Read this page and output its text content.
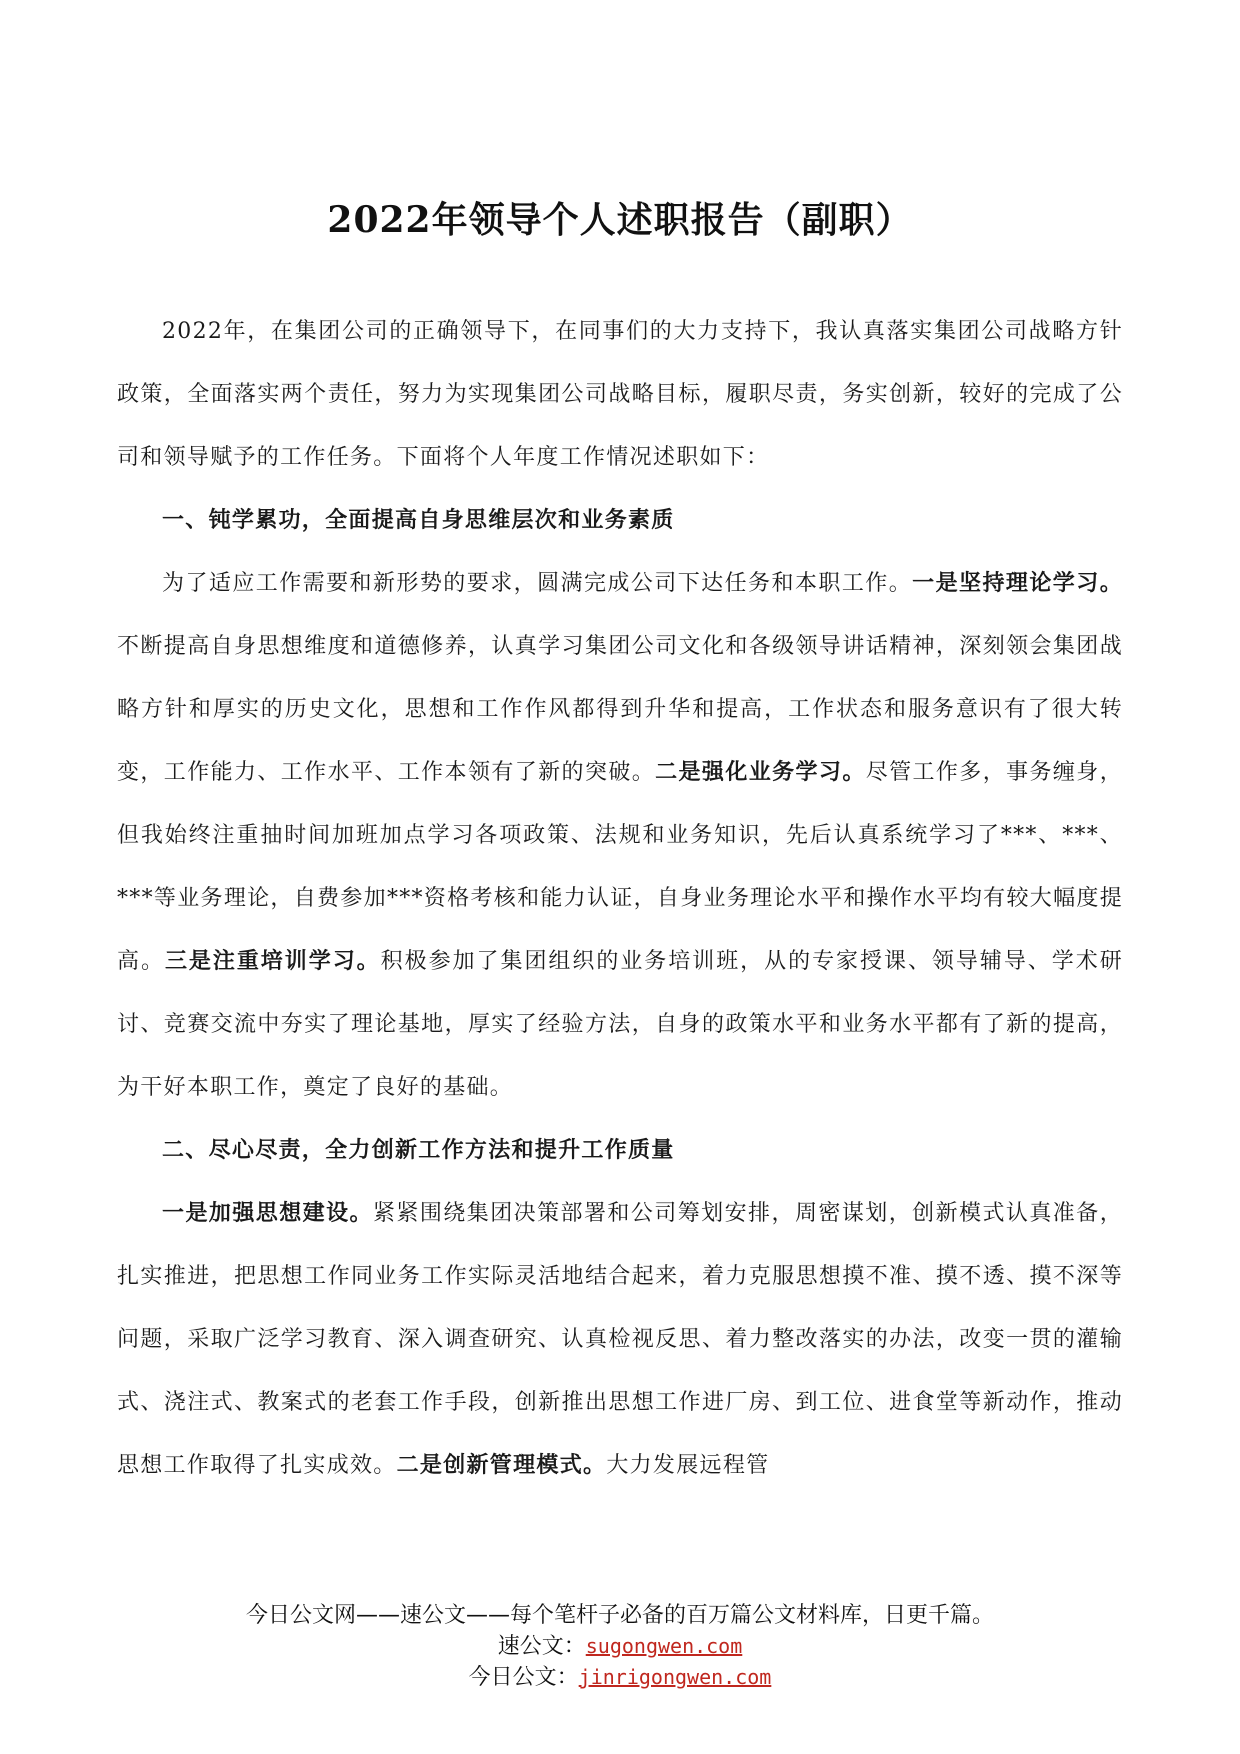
2022年领导个人述职报告（副职）

2022年，在集团公司的正确领导下，在同事们的大力支持下，我认真落实集团公司战略方针政策，全面落实两个责任，努力为实现集团公司战略目标，履职尽责，务实创新，较好的完成了公司和领导赋予的工作任务。下面将个人年度工作情况述职如下：

一、钝学累功，全面提高自身思维层次和业务素质

为了适应工作需要和新形势的要求，圆满完成公司下达任务和本职工作。一是坚持理论学习。不断提高自身思想维度和道德修养，认真学习集团公司文化和各级领导讲话精神，深刻领会集团战略方针和厚实的历史文化，思想和工作作风都得到升华和提高，工作状态和服务意识有了很大转变，工作能力、工作水平、工作本领有了新的突破。二是强化业务学习。尽管工作多，事务缠身，但我始终注重抽时间加班加点学习各项政策、法规和业务知识，先后认真系统学习了***、***、***等业务理论，自费参加***资格考核和能力认证，自身业务理论水平和操作水平均有较大幅度提高。三是注重培训学习。积极参加了集团组织的业务培训班，从的专家授课、领导辅导、学术研讨、竞赛交流中夯实了理论基地，厚实了经验方法，自身的政策水平和业务水平都有了新的提高，为干好本职工作，奠定了良好的基础。

二、尽心尽责，全力创新工作方法和提升工作质量

一是加强思想建设。紧紧围绕集团决策部署和公司筹划安排，周密谋划，创新模式认真准备，扎实推进，把思想工作同业务工作实际灵活地结合起来，着力克服思想摸不准、摸不透、摸不深等问题，采取广泛学习教育、深入调查研究、认真检视反思、着力整改落实的办法，改变一贯的灌输式、浇注式、教案式的老套工作手段，创新推出思想工作进厂房、到工位、进食堂等新动作，推动思想工作取得了扎实成效。二是创新管理模式。大力发展远程管

今日公文网——速公文——每个笔杆子必备的百万篇公文材料库，日更千篇。
速公文：sugongwen.com
今日公文：jinrigongwen.com
